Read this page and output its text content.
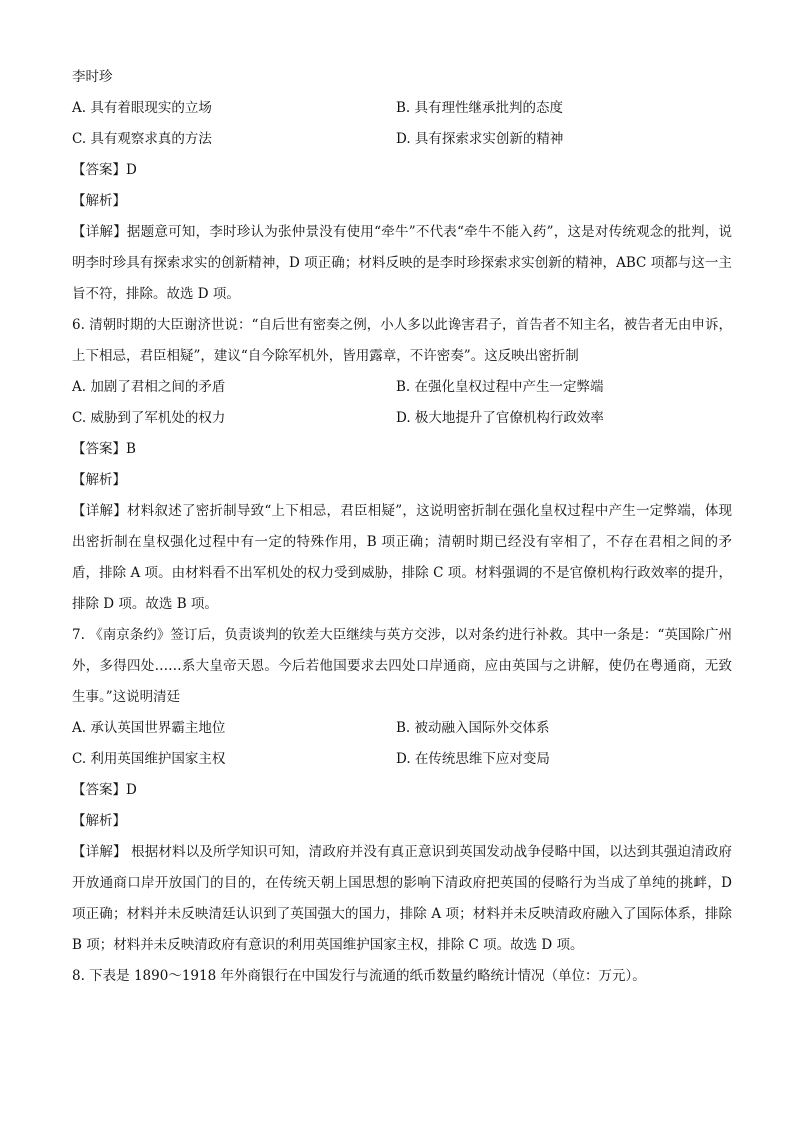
李时珍
A. 具有着眼现实的立场	B. 具有理性继承批判的态度
C. 具有观察求真的方法	D. 具有探索求实创新的精神
【答案】D
【解析】
【详解】据题意可知，李时珍认为张仲景没有使用“牵牛”不代表“牵牛不能入药”，这是对传统观念的批判，说明李时珍具有探索求实的创新精神，D 项正确；材料反映的是李时珍探索求实创新的精神，ABC 项都与这一主旨不符，排除。故选 D 项。
6. 清朝时期的大臣谢济世说：“自后世有密奏之例，小人多以此谗害君子，首告者不知主名，被告者无由申诉，上下相忌，君臣相疑”，建议“自今除军机外，皆用露章，不许密奏”。这反映出密折制
A. 加剧了君相之间的矛盾	B. 在强化皇权过程中产生一定弊端
C. 威胁到了军机处的权力	D. 极大地提升了官僚机构行政效率
【答案】B
【解析】
【详解】材料叙述了密折制导致“上下相忌，君臣相疑”，这说明密折制在强化皇权过程中产生一定弊端，体现出密折制在皇权强化过程中有一定的特殊作用，B 项正确；清朝时期已经没有宰相了，不存在君相之间的矛盾，排除 A 项。由材料看不出军机处的权力受到威胁，排除 C 项。材料强调的不是官僚机构行政效率的提升，排除 D 项。故选 B 项。
7. 《南京条约》签订后，负责谈判的钦差大臣继续与英方交涉，以对条约进行补救。其中一条是：“英国除广州外，多得四处……系大皇帝天恩。今后若他国要求去四处口岸通商，应由英国与之讲解，使仍在粤通商，无致生事。”这说明清廷
A. 承认英国世界霸主地位	B. 被动融入国际外交体系
C. 利用英国维护国家主权	D. 在传统思维下应对变局
【答案】D
【解析】
【详解】 根据材料以及所学知识可知，清政府并没有真正意识到英国发动战争侵略中国，以达到其强迫清政府开放通商口岸开放国门的目的，在传统天朝上国思想的影响下清政府把英国的侵略行为当成了单纯的挑衅，D 项正确；材料并未反映清廷认识到了英国强大的国力，排除 A 项；材料并未反映清政府融入了国际体系，排除 B 项；材料并未反映清政府有意识的利用英国维护国家主权，排除 C 项。故选 D 项。
8. 下表是 1890～1918 年外商银行在中国发行与流通的纸币数量约略统计情况（单位：万元）。
